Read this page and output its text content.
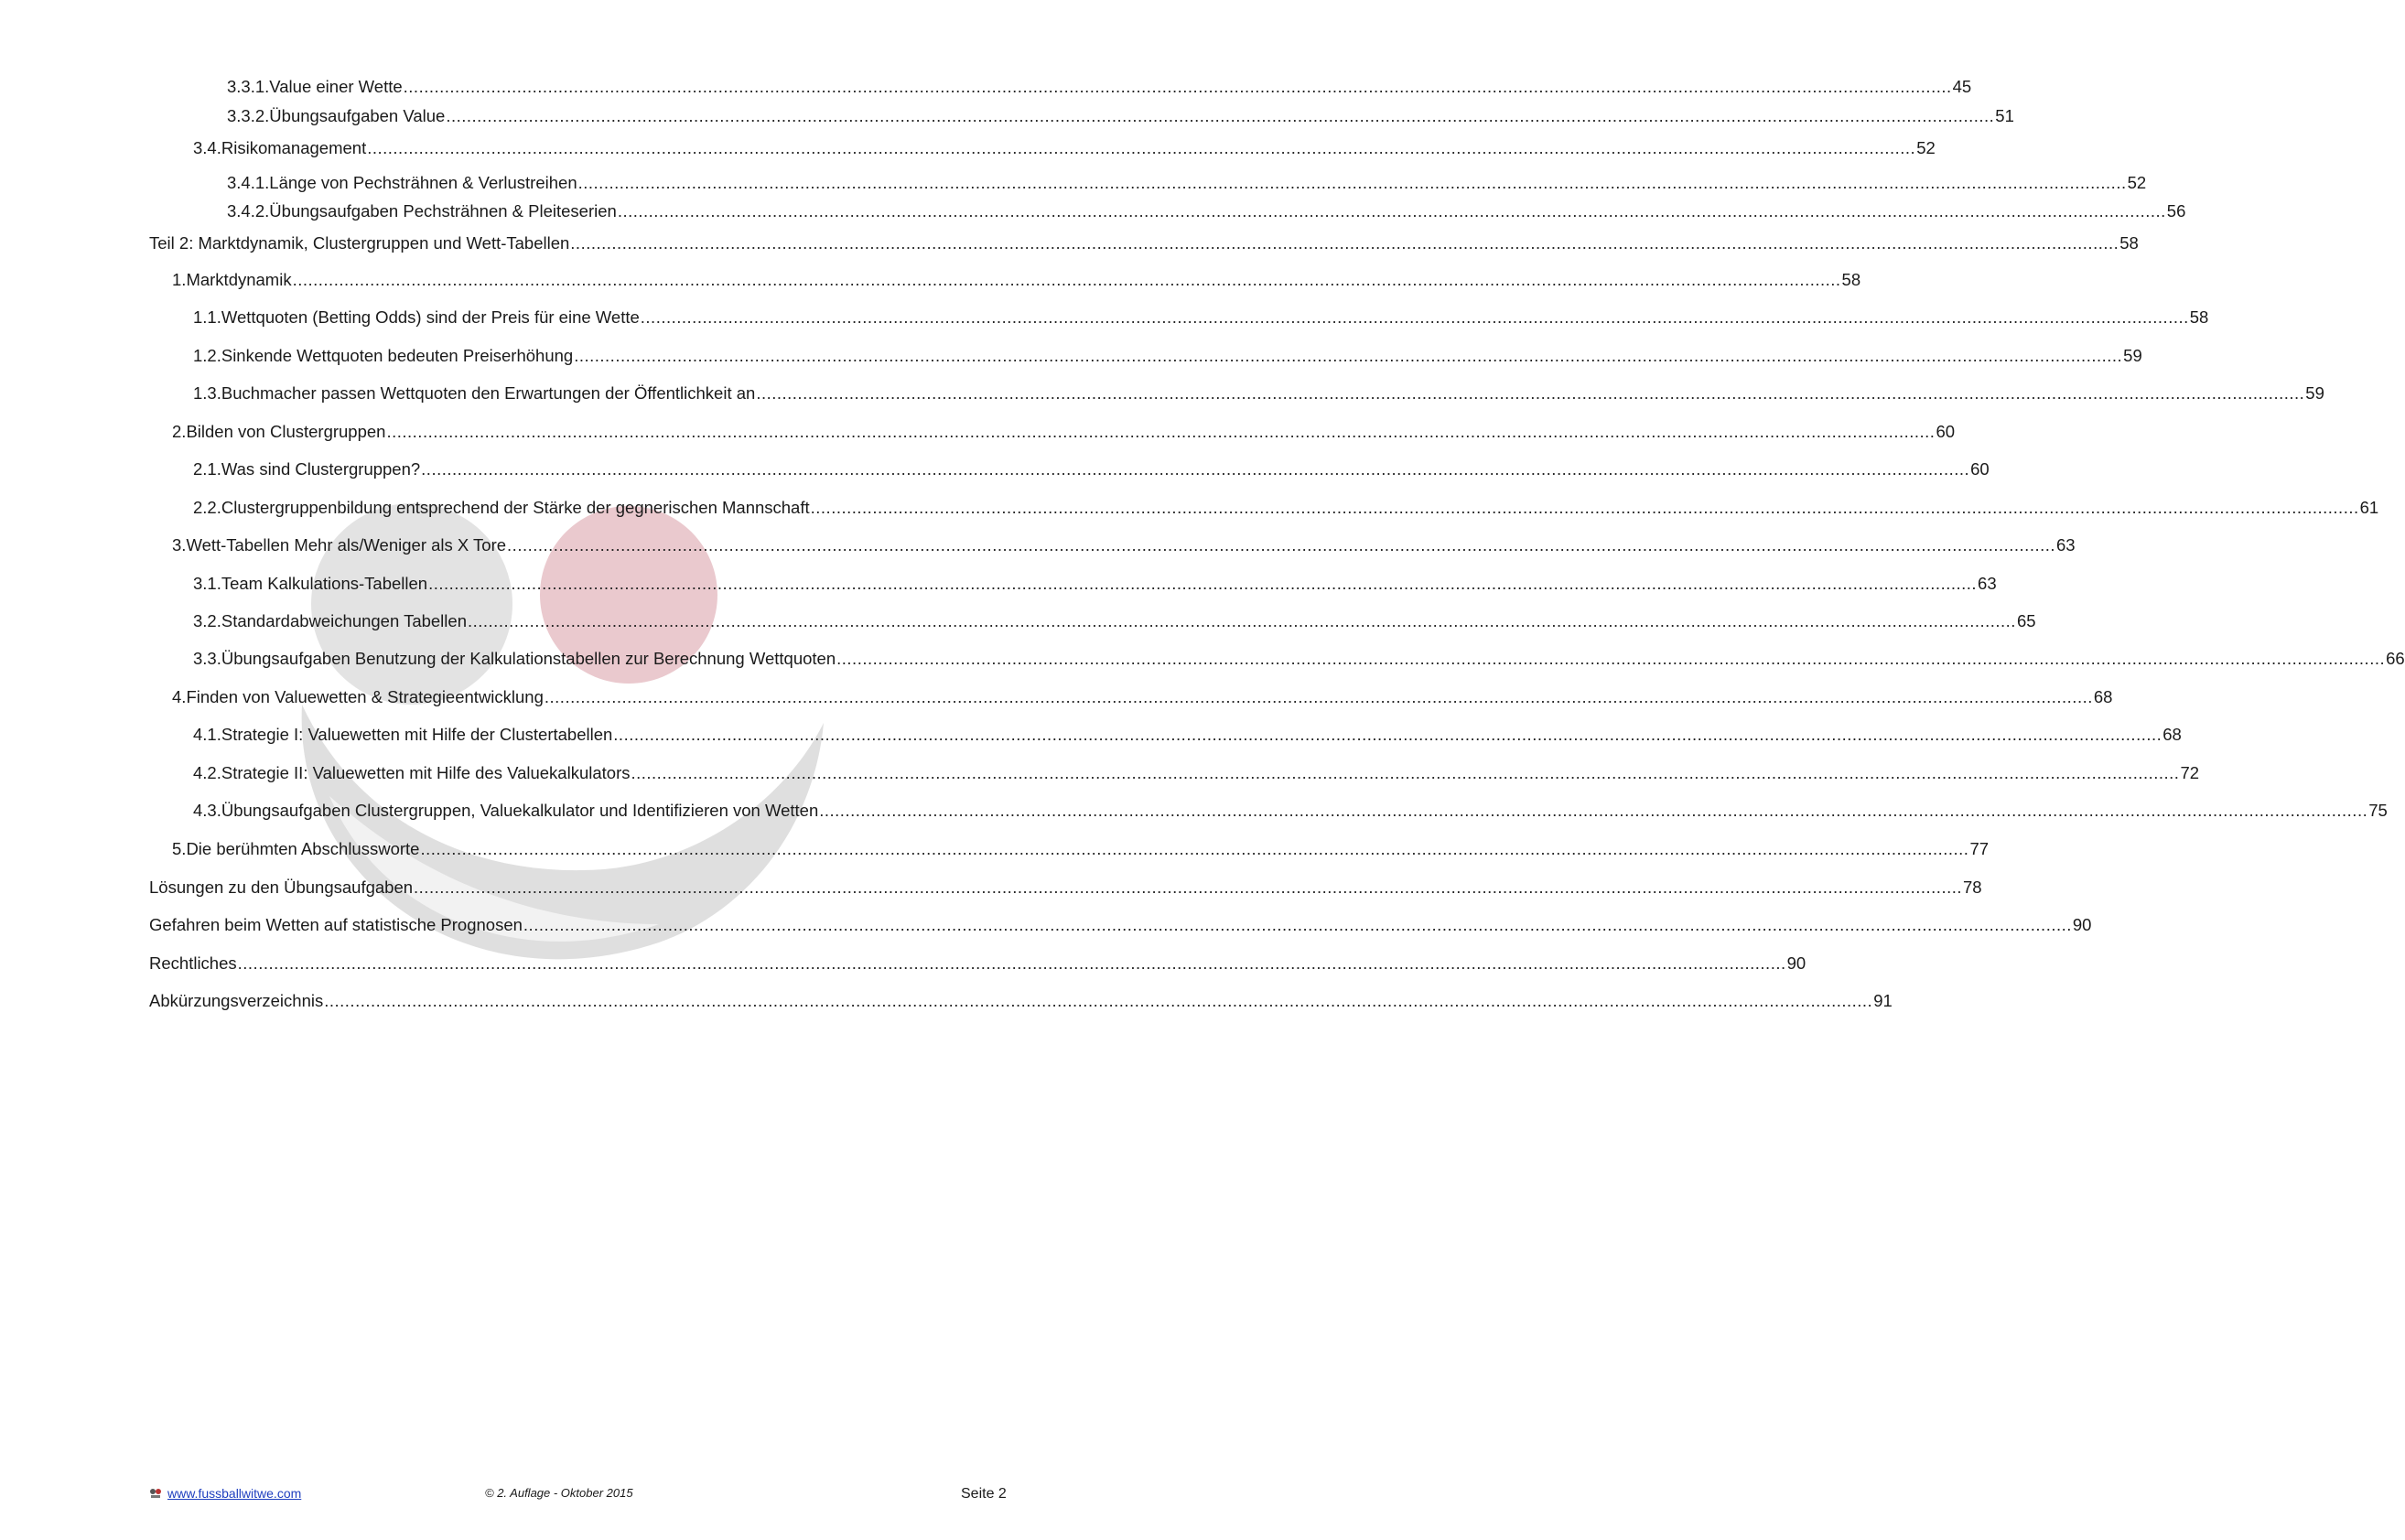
3.3.1. Value einer Wette ............................................................................................................................................................................................................................................................................................................ 45
3.3.2. Übungsaufgaben Value ............................................................................................................................................................................................................................................................................................................ 51
3.4. Risikomanagement ............................................................................................................................................................................................................................................................................................................ 52
3.4.1. Länge von Pechsträhnen & Verlustreihen ............................................................................................................................................................................................................................................................................................................ 52
3.4.2. Übungsaufgaben Pechsträhnen & Pleiteserien ............................................................................................................................................................................................................................................................................................................ 56
Teil 2: Marktdynamik, Clustergruppen und Wett-Tabellen ............................................................................................................................................................................................................................................................................................................ 58
1. Marktdynamik ............................................................................................................................................................................................................................................................................................................ 58
1.1. Wettquoten (Betting Odds) sind der Preis für eine Wette ............................................................................................................................................................................................................................................................................................................ 58
1.2. Sinkende Wettquoten bedeuten Preiserhöhung ............................................................................................................................................................................................................................................................................................................ 59
1.3. Buchmacher passen Wettquoten den Erwartungen der Öffentlichkeit an ............................................................................................................................................................................................................................................................................................................ 59
2. Bilden von Clustergruppen ............................................................................................................................................................................................................................................................................................................ 60
2.1. Was sind Clustergruppen? ............................................................................................................................................................................................................................................................................................................ 60
2.2. Clustergruppenbildung entsprechend der Stärke der gegnerischen Mannschaft ............................................................................................................................................................................................................................................................................................................ 61
3. Wett-Tabellen Mehr als/Weniger als X Tore ............................................................................................................................................................................................................................................................................................................ 63
3.1. Team Kalkulations-Tabellen ............................................................................................................................................................................................................................................................................................................ 63
3.2. Standardabweichungen Tabellen ............................................................................................................................................................................................................................................................................................................ 65
3.3. Übungsaufgaben Benutzung der Kalkulationstabellen zur Berechnung Wettquoten ............................................................................................................................................................................................................................................................................................................ 66
4. Finden von Valuewetten & Strategieentwicklung ............................................................................................................................................................................................................................................................................................................ 68
4.1. Strategie I: Valuewetten mit Hilfe der Clustertabellen ............................................................................................................................................................................................................................................................................................................ 68
4.2. Strategie II: Valuewetten mit Hilfe des Valuekalkulators ............................................................................................................................................................................................................................................................................................................ 72
4.3. Übungsaufgaben Clustergruppen, Valuekalkulator und Identifizieren von Wetten ............................................................................................................................................................................................................................................................................................................ 75
5. Die berühmten Abschlussworte ............................................................................................................................................................................................................................................................................................................ 77
Lösungen zu den Übungsaufgaben ............................................................................................................................................................................................................................................................................................................ 78
Gefahren beim Wetten auf statistische Prognosen ............................................................................................................................................................................................................................................................................................................ 90
Rechtliches ............................................................................................................................................................................................................................................................................................................ 90
Abkürzungsverzeichnis ............................................................................................................................................................................................................................................................................................................ 91
www.fussballwitwe.com	© 2. Auflage - Oktober 2015	Seite 2
